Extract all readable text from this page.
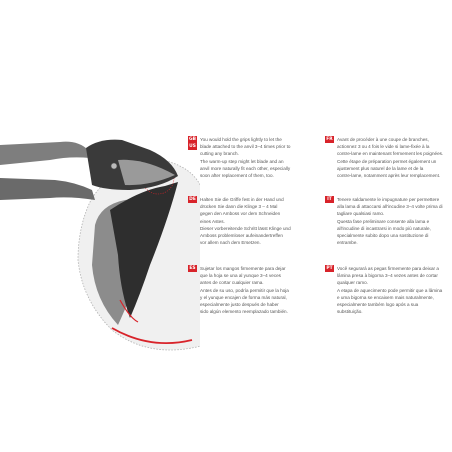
GB
US
You would hold the grips lightly to let the
blade attached to the anvil 3–4 times prior to
cutting any branch.
The warm-up step might let blade and an
anvil more naturally fit each other, especially
soon after replacement of them, too.
FR Avant de procéder à une coupe de branches,
actionnez 3 ou 4 fois le vide si lame-fixée à la
contre-lame en maintenant fermement les poignées.
Cette étape de préparation permet également un
ajustement plus naturel de la lame et de la
contre-lame, notamment après leur remplacement.
DE Halten Sie die Griffe fest in der Hand und
drücken Sie dann die Klinge 3 – 4 Mal
gegen den Amboss vor dem Schneiden
eines Astes.
Dieser vorbereitende Schritt lässt Klinge und
Amboss problemloser aufeinandertreffen
vor allem nach dem Ersetzen.
IT	Tenere saldamente le impugnature per permettere
alla lama di attaccarsi all'incudine 3–4 volte prima di
tagliare qualsiasi ramo.
Questa fase preliminare consente alla lama e
all'incudine di incastrarsi in modo più naturale,
specialmente subito dopo una sostituzione di
entrambe.
ES Sujetar los mangos firmemente para dejar
que la hoja se una al yunque 3–4 veces
antes de cortar cualquier rama.
Antes de su uso, podría permitir que la hoja
y el yunque encajen de forma más natural,
especialmente justo después de haber
sido algún elemento reemplazado también.
PT Você segurará as pegas firmemente para deixar a
lâmina presa à bigorna 3–4 vezes antes de cortar
qualquer ramo.
A etapa de aquecimento pode permitir que a lâmina
e uma bigorna se encaixem mais naturalmente,
especialmente também logo após a sua
substituição.
